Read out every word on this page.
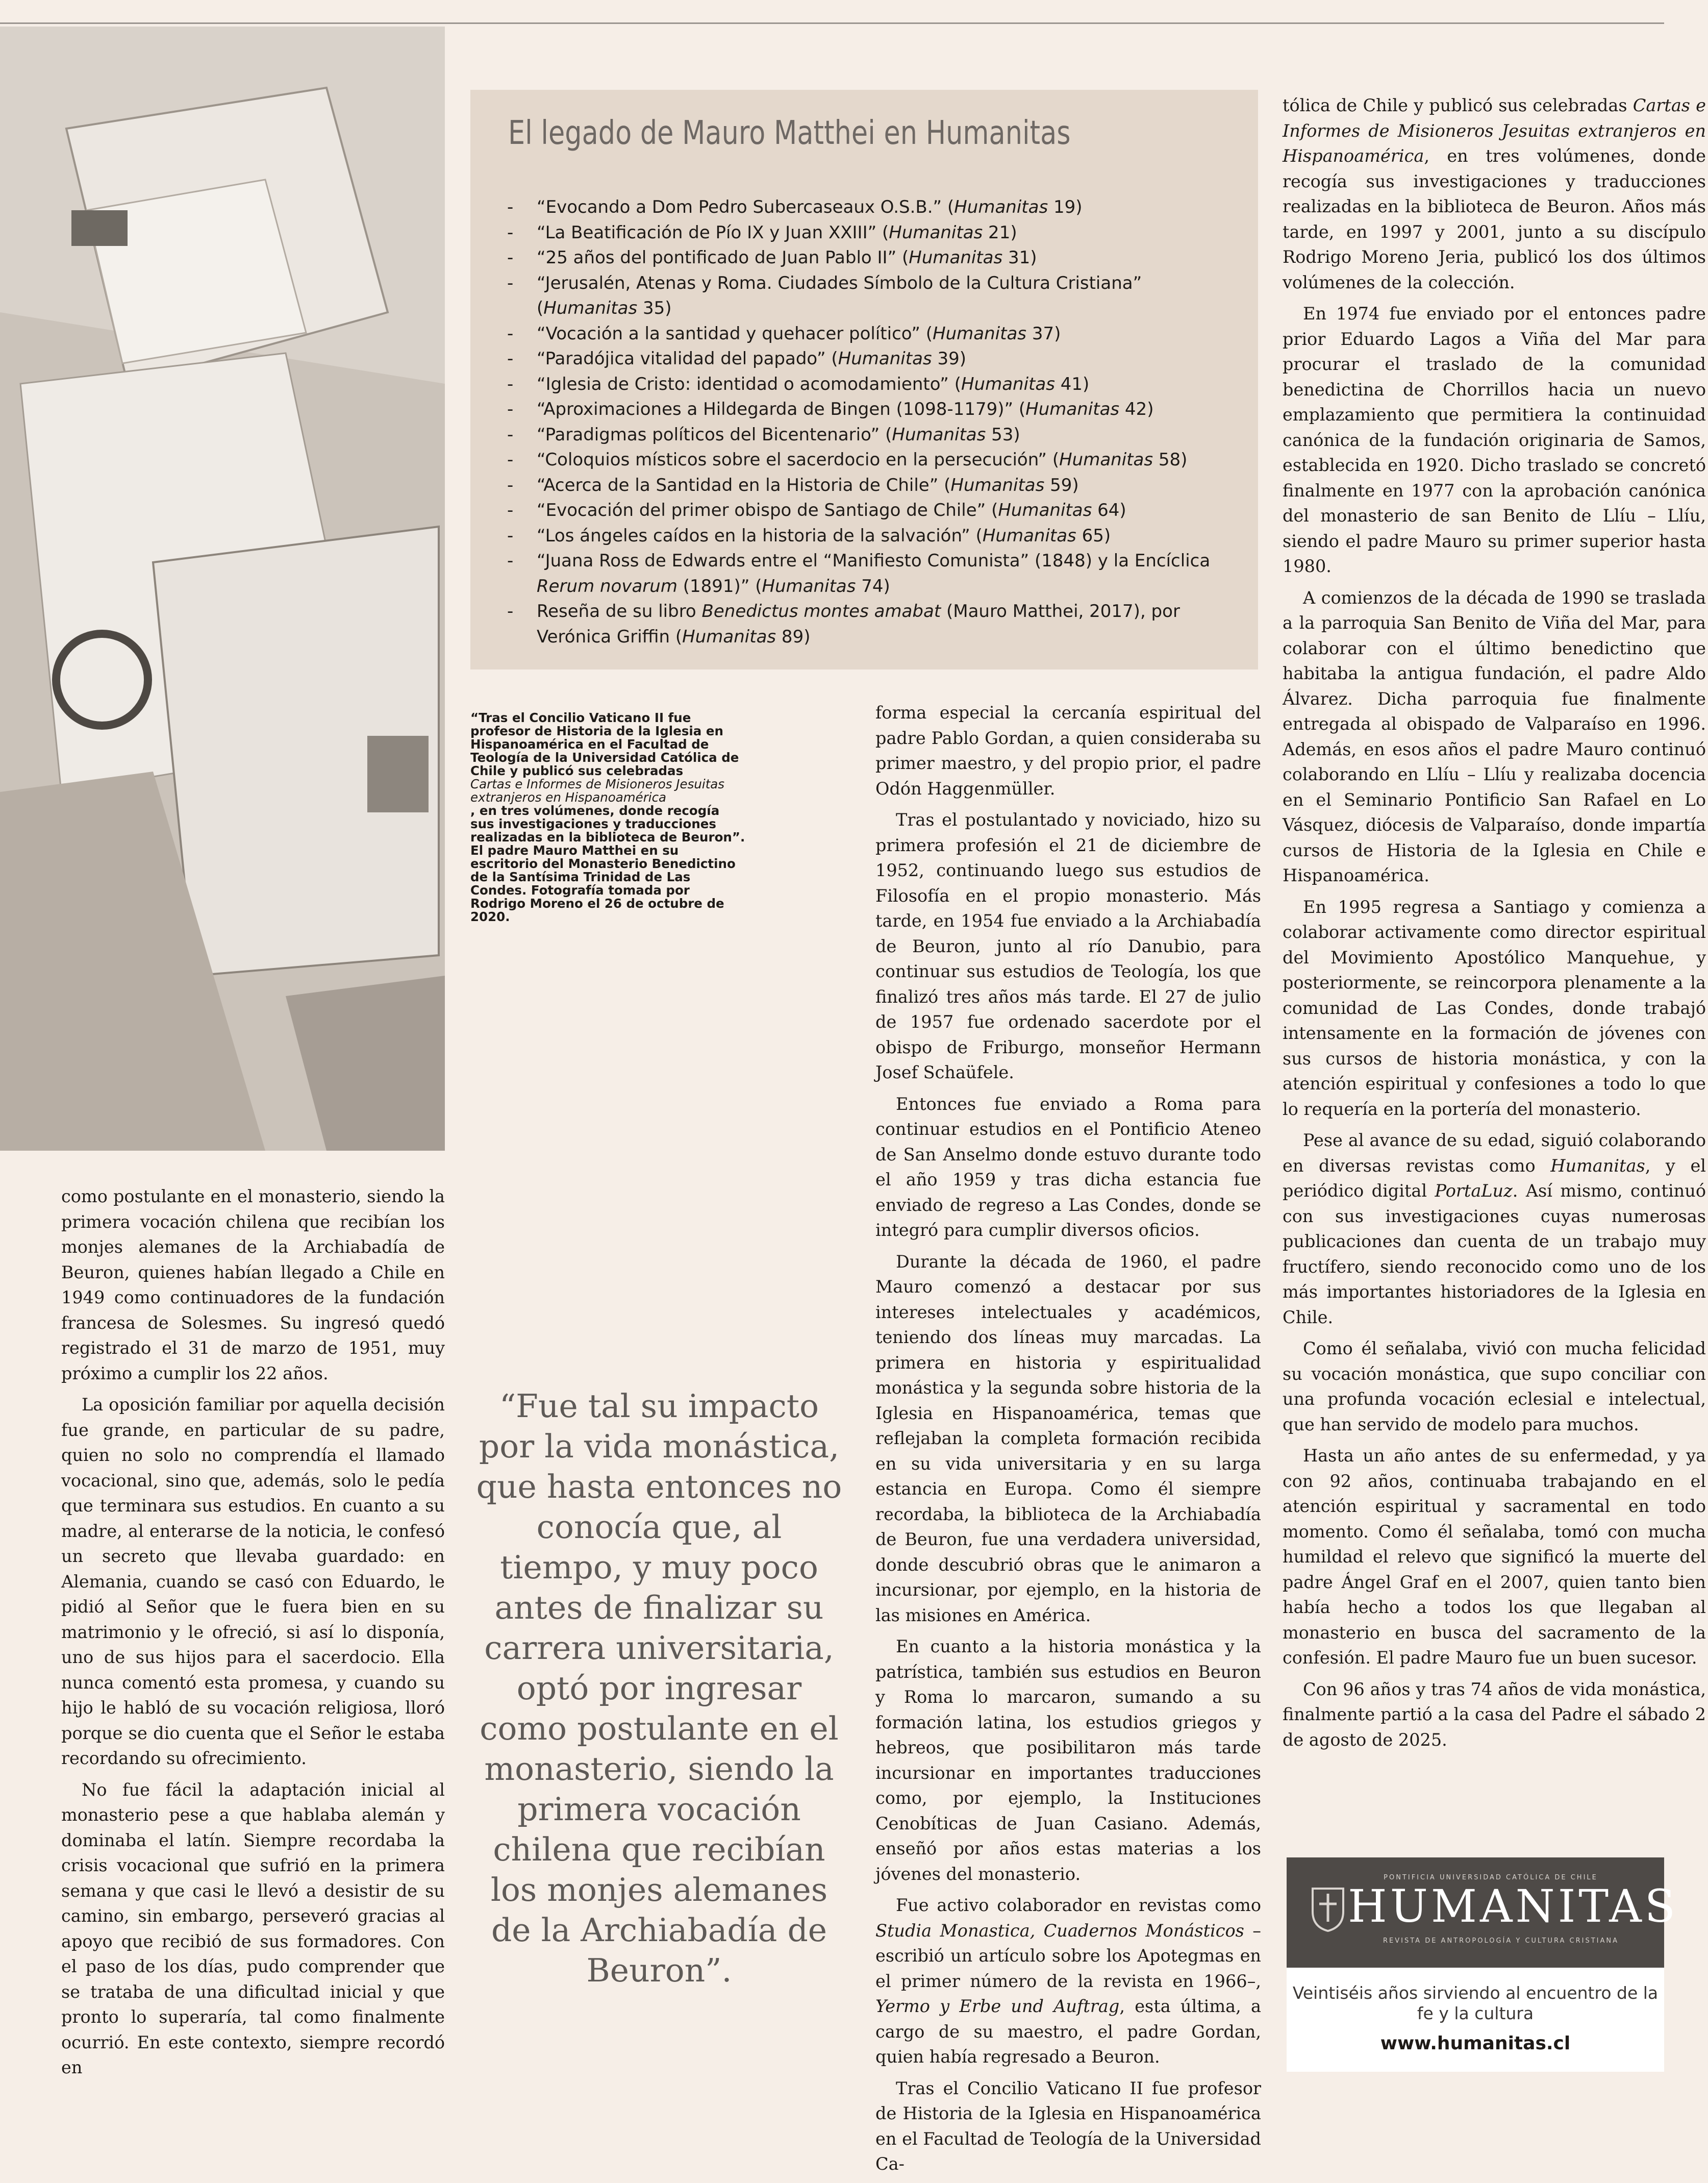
El legado de Mauro Matthei en Humanitas
- “Evocando a Dom Pedro Subercaseaux O.S.B.” (Humanitas 19)
- “La Beatificación de Pío IX y Juan XXIII” (Humanitas 21)
- “25 años del pontificado de Juan Pablo II” (Humanitas 31)
- “Jerusalén, Atenas y Roma. Ciudades Símbolo de la Cultura Cristiana” (Humanitas 35)
- “Vocación a la santidad y quehacer político” (Humanitas 37)
- “Paradójica vitalidad del papado” (Humanitas 39)
- “Iglesia de Cristo: identidad o acomodamiento” (Humanitas 41)
- “Aproximaciones a Hildegarda de Bingen (1098-1179)” (Humanitas 42)
- “Paradigmas políticos del Bicentenario” (Humanitas 53)
- “Coloquios místicos sobre el sacerdocio en la persecución” (Humanitas 58)
- “Acerca de la Santidad en la Historia de Chile” (Humanitas 59)
- “Evocación del primer obispo de Santiago de Chile” (Humanitas 64)
- “Los ángeles caídos en la historia de la salvación” (Humanitas 65)
- “Juana Ross de Edwards entre el “Manifiesto Comunista” (1848) y la Encíclica Rerum novarum (1891)” (Humanitas 74)
- Reseña de su libro Benedictus montes amabat (Mauro Matthei, 2017), por Verónica Griffin (Humanitas 89)
“Tras el Concilio Vaticano II fue profesor de Historia de la Iglesia en Hispanoamérica en el Facultad de Teología de la Universidad Católica de Chile y publicó sus celebradas
Cartas e Informes de Misioneros Jesuitas extranjeros en Hispanoamérica
, en tres volúmenes, donde recogía sus investigaciones y traducciones realizadas en la biblioteca de Beuron”. El padre Mauro Matthei en su escritorio del Monasterio Benedictino de la Santísima Trinidad de Las Condes. Fotografía tomada por Rodrigo Moreno el 26 de octubre de 2020.
“Fue tal su impacto por la vida monástica, que hasta entonces no conocía que, al tiempo, y muy poco antes de finalizar su carrera universitaria, optó por ingresar como postulante en el monasterio, siendo la primera vocación chilena que recibían los monjes alemanes de la Archiabadía de Beuron”.

como postulante en el monasterio, siendo la primera vocación chilena que recibían los monjes alemanes de la Archiabadía de Beuron, quienes habían llegado a Chile en 1949 como continuadores de la fundación francesa de Solesmes. Su ingresó quedó registrado el 31 de marzo de 1951, muy próximo a cumplir los 22 años.

La oposición familiar por aquella decisión fue grande, en particular de su padre, quien no solo no comprendía el llamado vocacional, sino que, además, solo le pedía que terminara sus estudios. En cuanto a su madre, al enterarse de la noticia, le confesó un secreto que llevaba guardado: en Alemania, cuando se casó con Eduardo, le pidió al Señor que le fuera bien en su matrimonio y le ofreció, si así lo disponía, uno de sus hijos para el sacerdocio. Ella nunca comentó esta promesa, y cuando su hijo le habló de su vocación religiosa, lloró porque se dio cuenta que el Señor le estaba recordando su ofrecimiento.

No fue fácil la adaptación inicial al monasterio pese a que hablaba alemán y dominaba el latín. Siempre recordaba la crisis vocacional que sufrió en la primera semana y que casi le llevó a desistir de su camino, sin embargo, perseveró gracias al apoyo que recibió de sus formadores. Con el paso de los días, pudo comprender que se trataba de una dificultad inicial y que pronto lo superaría, tal como finalmente ocurrió. En este contexto, siempre recordó en

forma especial la cercanía espiritual del padre Pablo Gordan, a quien consideraba su primer maestro, y del propio prior, el padre Odón Haggenmüller.

Tras el postulantado y noviciado, hizo su primera profesión el 21 de diciembre de 1952, continuando luego sus estudios de Filosofía en el propio monasterio. Más tarde, en 1954 fue enviado a la Archiabadía de Beuron, junto al río Danubio, para continuar sus estudios de Teología, los que finalizó tres años más tarde. El 27 de julio de 1957 fue ordenado sacerdote por el obispo de Friburgo, monseñor Hermann Josef Schaüfele.

Entonces fue enviado a Roma para continuar estudios en el Pontificio Ateneo de San Anselmo donde estuvo durante todo el año 1959 y tras dicha estancia fue enviado de regreso a Las Condes, donde se integró para cumplir diversos oficios.

Durante la década de 1960, el padre Mauro comenzó a destacar por sus intereses intelectuales y académicos, teniendo dos líneas muy marcadas. La primera en historia y espiritualidad monástica y la segunda sobre historia de la Iglesia en Hispanoamérica, temas que reflejaban la completa formación recibida en su vida universitaria y en su larga estancia en Europa. Como él siempre recordaba, la biblioteca de la Archiabadía de Beuron, fue una verdadera universidad, donde descubrió obras que le animaron a incursionar, por ejemplo, en la historia de las misiones en América.

En cuanto a la historia monástica y la patrística, también sus estudios en Beuron y Roma lo marcaron, sumando a su formación latina, los estudios griegos y hebreos, que posibilitaron más tarde incursionar en importantes traducciones como, por ejemplo, la Instituciones Cenobíticas de Juan Casiano. Además, enseñó por años estas materias a los jóvenes del monasterio.

Fue activo colaborador en revistas como Studia Monastica, Cuadernos Monásticos –escribió un artículo sobre los Apotegmas en el primer número de la revista en 1966–, Yermo y Erbe und Auftrag, esta última, a cargo de su maestro, el padre Gordan, quien había regresado a Beuron.

Tras el Concilio Vaticano II fue profesor de Historia de la Iglesia en Hispanoamérica en el Facultad de Teología de la Universidad Ca-

tólica de Chile y publicó sus celebradas Cartas e Informes de Misioneros Jesuitas extranjeros en Hispanoamérica, en tres volúmenes, donde recogía sus investigaciones y traducciones realizadas en la biblioteca de Beuron. Años más tarde, en 1997 y 2001, junto a su discípulo Rodrigo Moreno Jeria, publicó los dos últimos volúmenes de la colección.

En 1974 fue enviado por el entonces padre prior Eduardo Lagos a Viña del Mar para procurar el traslado de la comunidad benedictina de Chorrillos hacia un nuevo emplazamiento que permitiera la continuidad canónica de la fundación originaria de Samos, establecida en 1920. Dicho traslado se concretó finalmente en 1977 con la aprobación canónica del monasterio de san Benito de Llíu – Llíu, siendo el padre Mauro su primer superior hasta 1980.

A comienzos de la década de 1990 se traslada a la parroquia San Benito de Viña del Mar, para colaborar con el último benedictino que habitaba la antigua fundación, el padre Aldo Álvarez. Dicha parroquia fue finalmente entregada al obispado de Valparaíso en 1996. Además, en esos años el padre Mauro continuó colaborando en Llíu – Llíu y realizaba docencia en el Seminario Pontificio San Rafael en Lo Vásquez, diócesis de Valparaíso, donde impartía cursos de Historia de la Iglesia en Chile e Hispanoamérica.

En 1995 regresa a Santiago y comienza a colaborar activamente como director espiritual del Movimiento Apostólico Manquehue, y posteriormente, se reincorpora plenamente a la comunidad de Las Condes, donde trabajó intensamente en la formación de jóvenes con sus cursos de historia monástica, y con la atención espiritual y confesiones a todo lo que lo requería en la portería del monasterio.

Pese al avance de su edad, siguió colaborando en diversas revistas como Humanitas, y el periódico digital PortaLuz. Así mismo, continuó con sus investigaciones cuyas numerosas publicaciones dan cuenta de un trabajo muy fructífero, siendo reconocido como uno de los más importantes historiadores de la Iglesia en Chile.

Como él señalaba, vivió con mucha felicidad su vocación monástica, que supo conciliar con una profunda vocación eclesial e intelectual, que han servido de modelo para muchos.

Hasta un año antes de su enfermedad, y ya con 92 años, continuaba trabajando en el atención espiritual y sacramental en todo momento. Como él señalaba, tomó con mucha humildad el relevo que significó la muerte del padre Ángel Graf en el 2007, quien tanto bien había hecho a todos los que llegaban al monasterio en busca del sacramento de la confesión. El padre Mauro fue un buen sucesor.

Con 96 años y tras 74 años de vida monástica, finalmente partió a la casa del Padre el sábado 2 de agosto de 2025.

PONTIFICIA UNIVERSIDAD CATÓLICA DE CHILE
HUMANITAS
REVISTA DE ANTROPOLOGÍA Y CULTURA CRISTIANA
Veintiséis años sirviendo al encuentro de la fe y la cultura
www.humanitas.cl
